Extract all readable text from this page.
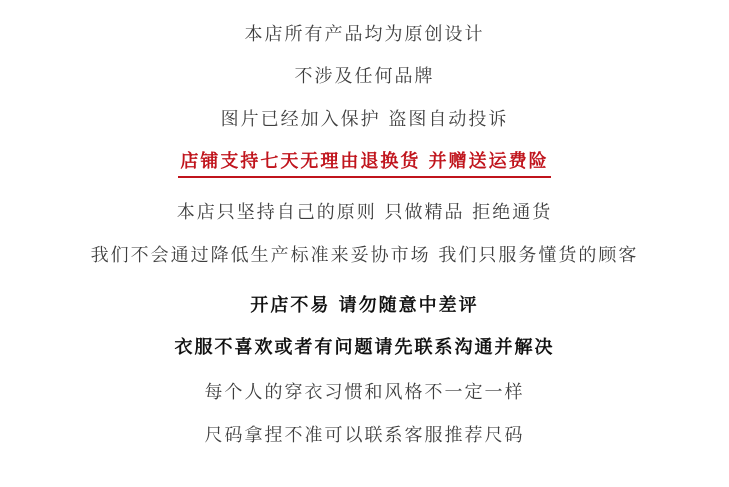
本店所有产品均为原创设计
不涉及任何品牌
图片已经加入保护 盗图自动投诉
店铺支持七天无理由退换货 并赠送运费险
本店只坚持自己的原则 只做精品 拒绝通货
我们不会通过降低生产标准来妥协市场 我们只服务懂货的顾客
开店不易 请勿随意中差评
衣服不喜欢或者有问题请先联系沟通并解决
每个人的穿衣习惯和风格不一定一样
尺码拿捏不准可以联系客服推荐尺码
